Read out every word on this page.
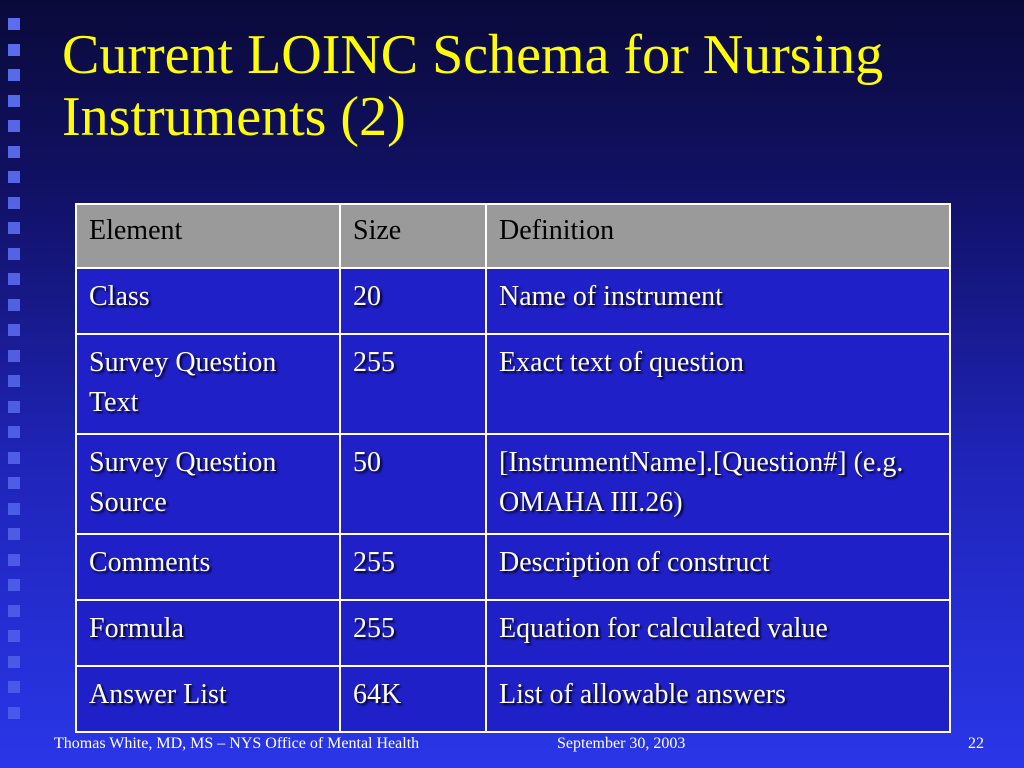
Current LOINC Schema for Nursing Instruments (2)
Element	Size	Definition
Class	20	Name of instrument
Survey Question Text	255	Exact text of question
Survey Question Source	50	[InstrumentName].[Question#] (e.g. OMAHA III.26)
Comments	255	Description of construct
Formula	255	Equation for calculated value
Answer List	64K	List of allowable answers
Thomas White, MD, MS – NYS Office of Mental Health	September 30, 2003	22
